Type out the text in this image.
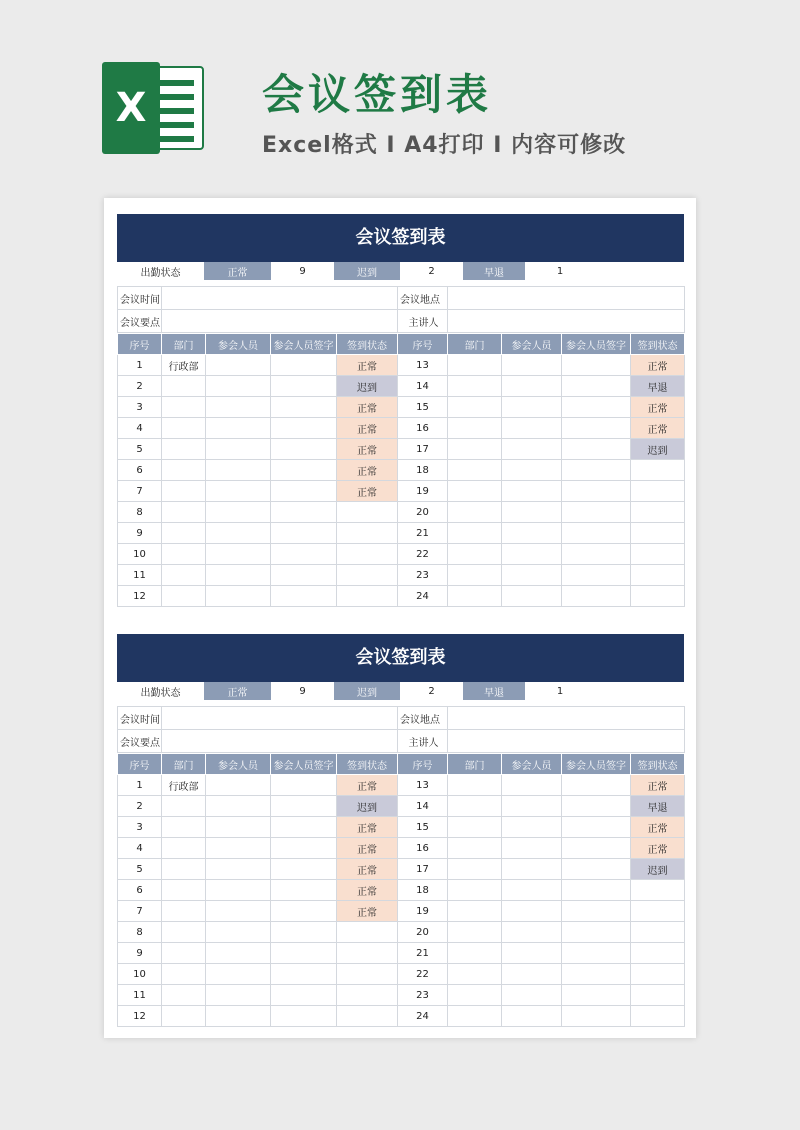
X	会议签到表

Excel格式 I A4打印 I 内容可修改

会议签到表
出勤状态	正常	9	迟到	2	早退	1
会议时间		会议地点	
会议要点		主讲人	
序号	部门	参会人员	参会人员签字	签到状态	序号	部门	参会人员	参会人员签字	签到状态
1	行政部			正常	13				正常
2				迟到	14				早退
3				正常	15				正常
4				正常	16				正常
5				正常	17				迟到
6				正常	18				
7				正常	19				
8					20				
9					21				
10					22				
11					23				
12					24				
会议签到表
出勤状态	正常	9	迟到	2	早退	1
会议时间		会议地点	
会议要点		主讲人	
序号	部门	参会人员	参会人员签字	签到状态	序号	部门	参会人员	参会人员签字	签到状态
1	行政部			正常	13				正常
2				迟到	14				早退
3				正常	15				正常
4				正常	16				正常
5				正常	17				迟到
6				正常	18				
7				正常	19				
8					20				
9					21				
10					22				
11					23				
12					24				
